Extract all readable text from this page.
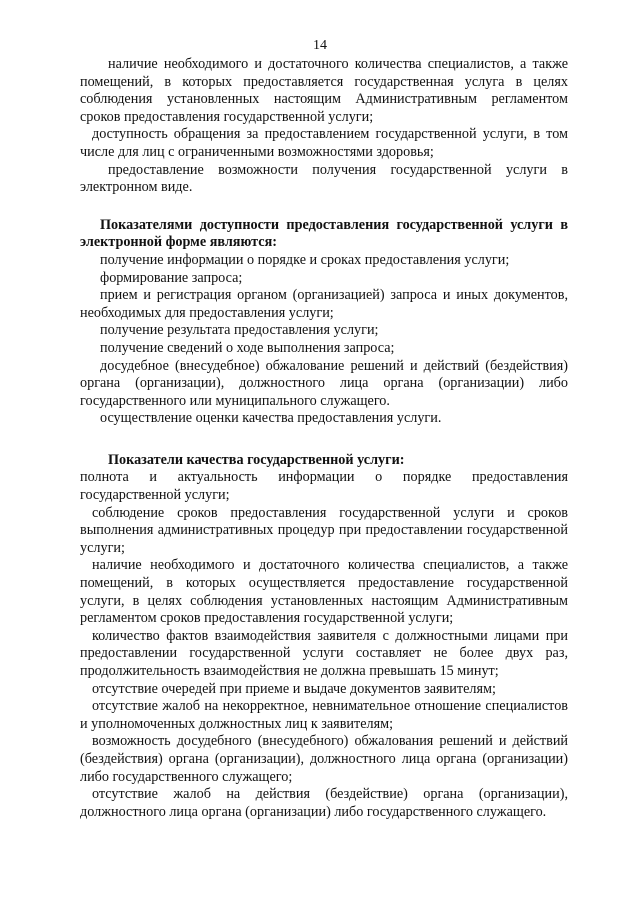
14

наличие необходимого и достаточного количества специалистов, а также помещений, в которых предоставляется государственная услуга в целях соблюдения установленных настоящим Административным регламентом сроков предоставления государственной услуги;

доступность обращения за предоставлением государственной услуги, в том числе для лиц с ограниченными возможностями здоровья;

предоставление возможности получения государственной услуги в электронном виде.

Показателями доступности предоставления государственной услуги в электронной форме являются:

получение информации о порядке и сроках предоставления услуги;

формирование запроса;

прием и регистрация органом (организацией) запроса и иных документов, необходимых для предоставления услуги;

получение результата предоставления услуги;

получение сведений о ходе выполнения запроса;

досудебное (внесудебное) обжалование решений и действий (бездействия) органа (организации), должностного лица органа (организации) либо государственного или муниципального служащего.

осуществление оценки качества предоставления услуги.

Показатели качества государственной услуги:

полнота и актуальность информации о порядке предоставления государственной услуги;

соблюдение сроков предоставления государственной услуги и сроков выполнения административных процедур при предоставлении государственной услуги;

наличие необходимого и достаточного количества специалистов, а также помещений, в которых осуществляется предоставление государственной услуги, в целях соблюдения установленных настоящим Административным регламентом сроков предоставления государственной услуги;

количество фактов взаимодействия заявителя с должностными лицами при предоставлении государственной услуги составляет не более двух раз, продолжительность взаимодействия не должна превышать 15 минут;

отсутствие очередей при приеме и выдаче документов заявителям;

отсутствие жалоб на некорректное, невнимательное отношение специалистов и уполномоченных должностных лиц к заявителям;

возможность досудебного (внесудебного) обжалования решений и действий (бездействия) органа (организации), должностного лица органа (организации) либо государственного служащего;

отсутствие жалоб на действия (бездействие) органа (организации), должностного лица органа (организации) либо государственного служащего.
